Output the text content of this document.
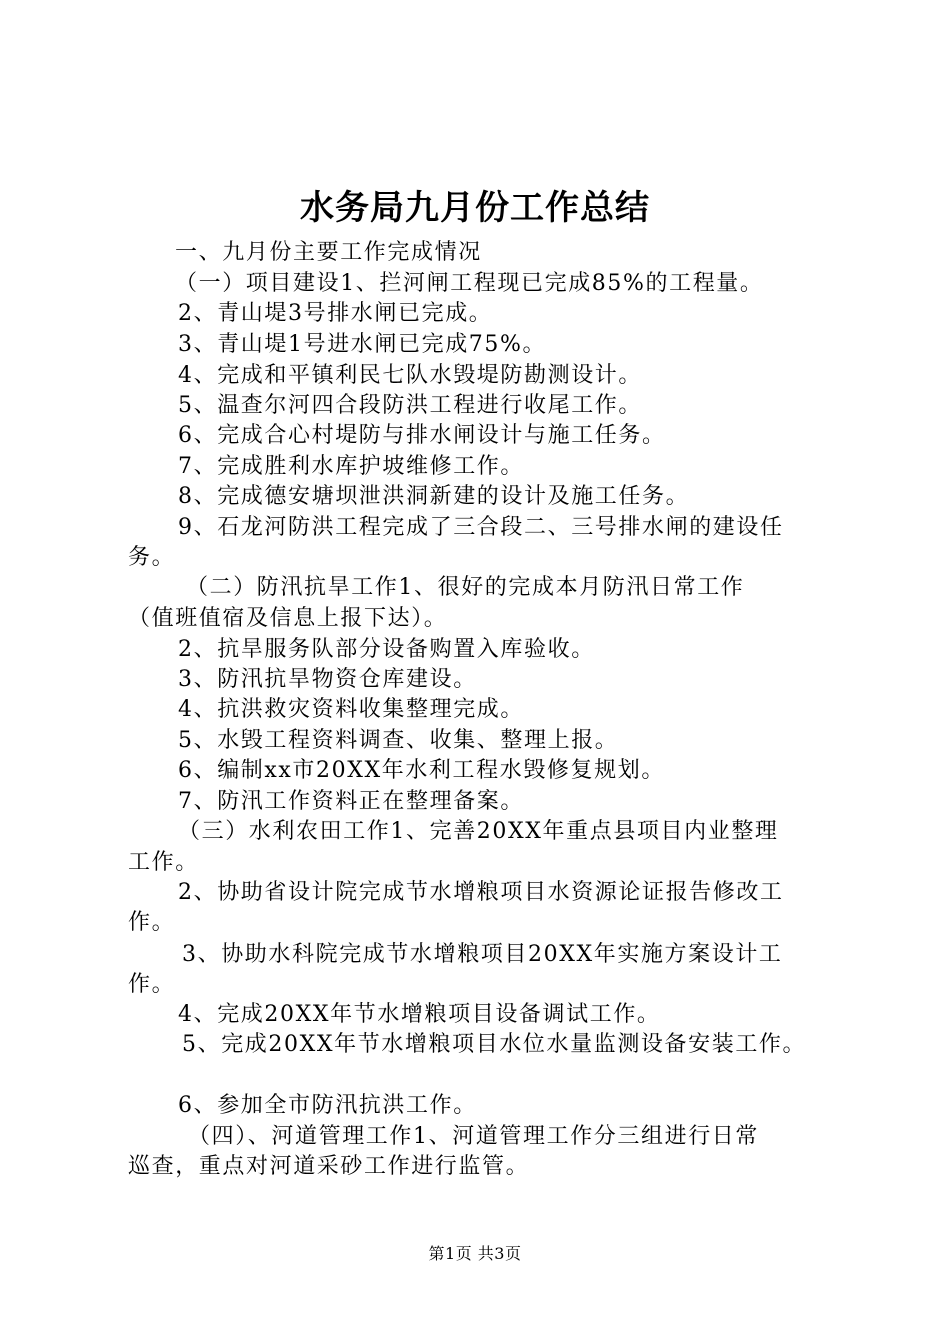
水务局九月份工作总结
一、九月份主要工作完成情况
（一）项目建设1、拦河闸工程现已完成85%的工程量。
2、青山堤3号排水闸已完成。
3、青山堤1号进水闸已完成75%。
4、完成和平镇利民七队水毁堤防勘测设计。
5、温查尔河四合段防洪工程进行收尾工作。
6、完成合心村堤防与排水闸设计与施工任务。
7、完成胜利水库护坡维修工作。
8、完成德安塘坝泄洪洞新建的设计及施工任务。
9、石龙河防洪工程完成了三合段二、三号排水闸的建设任
务。
（二）防汛抗旱工作1、很好的完成本月防汛日常工作
（值班值宿及信息上报下达）。
2、抗旱服务队部分设备购置入库验收。
3、防汛抗旱物资仓库建设。
4、抗洪救灾资料收集整理完成。
5、水毁工程资料调查、收集、整理上报。
6、编制xx市20XX年水利工程水毁修复规划。
7、防汛工作资料正在整理备案。
（三）水利农田工作1、完善20XX年重点县项目内业整理
工作。
2、协助省设计院完成节水增粮项目水资源论证报告修改工
作。
3、协助水科院完成节水增粮项目20XX年实施方案设计工
作。
4、完成20XX年节水增粮项目设备调试工作。
5、完成20XX年节水增粮项目水位水量监测设备安装工作。
6、参加全市防汛抗洪工作。
（四）、河道管理工作1、河道管理工作分三组进行日常
巡查，重点对河道采砂工作进行监管。
第1页 共3页
